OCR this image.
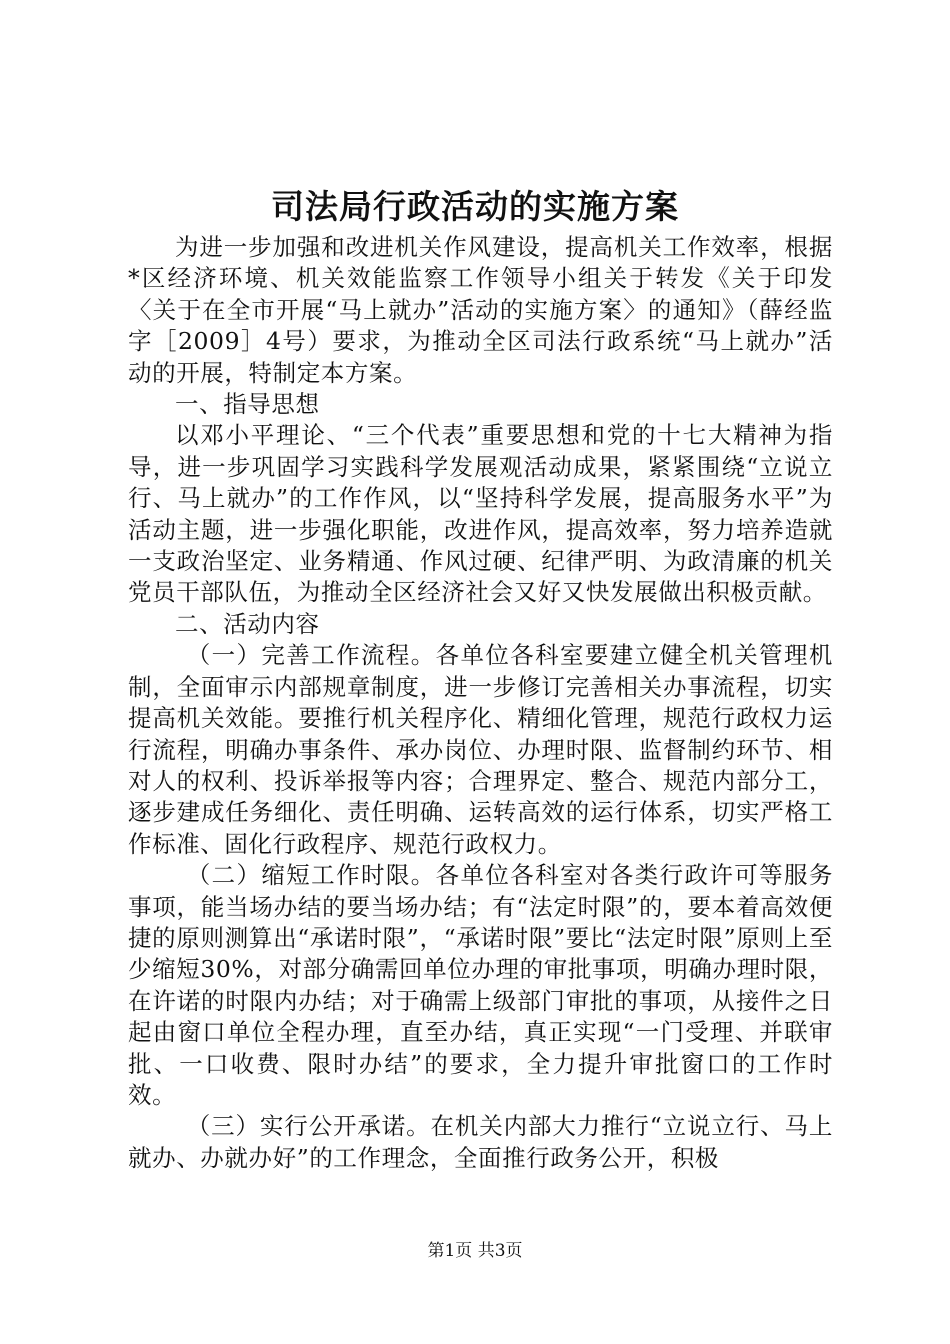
司法局行政活动的实施方案

为进一步加强和改进机关作风建设，提高机关工作效率，根据*区经济环境、机关效能监察工作领导小组关于转发《关于印发〈关于在全市开展“马上就办”活动的实施方案〉的通知》（薛经监字［2009］4号）要求，为推动全区司法行政系统“马上就办”活动的开展，特制定本方案。

一、指导思想

以邓小平理论、“三个代表”重要思想和党的十七大精神为指导，进一步巩固学习实践科学发展观活动成果，紧紧围绕“立说立行、马上就办”的工作作风，以“坚持科学发展，提高服务水平”为活动主题，进一步强化职能，改进作风，提高效率，努力培养造就一支政治坚定、业务精通、作风过硬、纪律严明、为政清廉的机关党员干部队伍，为推动全区经济社会又好又快发展做出积极贡献。

二、活动内容

（一）完善工作流程。各单位各科室要建立健全机关管理机制，全面审示内部规章制度，进一步修订完善相关办事流程，切实提高机关效能。要推行机关程序化、精细化管理，规范行政权力运行流程，明确办事条件、承办岗位、办理时限、监督制约环节、相对人的权利、投诉举报等内容；合理界定、整合、规范内部分工，逐步建成任务细化、责任明确、运转高效的运行体系，切实严格工作标准、固化行政程序、规范行政权力。

（二）缩短工作时限。各单位各科室对各类行政许可等服务事项，能当场办结的要当场办结；有“法定时限”的，要本着高效便捷的原则测算出“承诺时限”，“承诺时限”要比“法定时限”原则上至少缩短30%，对部分确需回单位办理的审批事项，明确办理时限，在许诺的时限内办结；对于确需上级部门审批的事项，从接件之日起由窗口单位全程办理，直至办结，真正实现“一门受理、并联审批、一口收费、限时办结”的要求，全力提升审批窗口的工作时效。

（三）实行公开承诺。在机关内部大力推行“立说立行、马上就办、办就办好”的工作理念，全面推行政务公开，积极

第1页 共3页
